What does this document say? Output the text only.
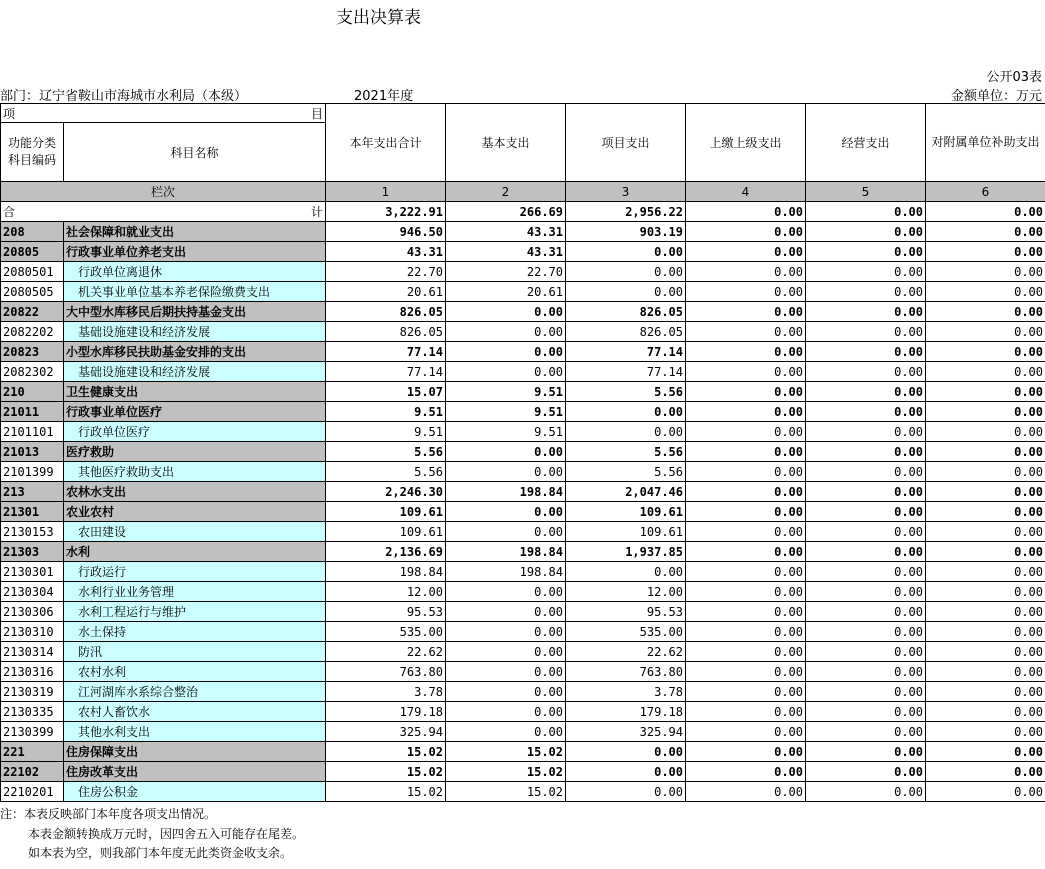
支出决算表
公开03表
部门：辽宁省鞍山市海城市水利局（本级）	2021年度	金额单位：万元
项 目		本年支出合计	基本支出	项目支出	上缴上级支出	经营支出	对附属单位补助支出
功能分类科目编码	科目名称						
栏次		1	2	3	4	5	6

合 计		3,222.91	266.69	2,956.22	0.00	0.00	0.00
208	社会保障和就业支出	946.50	43.31	903.19	0.00	0.00	0.00
20805	行政事业单位养老支出	43.31	43.31	0.00	0.00	0.00	0.00
2080501	行政单位离退休	22.70	22.70	0.00	0.00	0.00	0.00
2080505	机关事业单位基本养老保险缴费支出	20.61	20.61	0.00	0.00	0.00	0.00
20822	大中型水库移民后期扶持基金支出	826.05	0.00	826.05	0.00	0.00	0.00
2082202	基础设施建设和经济发展	826.05	0.00	826.05	0.00	0.00	0.00
20823	小型水库移民扶助基金安排的支出	77.14	0.00	77.14	0.00	0.00	0.00
2082302	基础设施建设和经济发展	77.14	0.00	77.14	0.00	0.00	0.00
210	卫生健康支出	15.07	9.51	5.56	0.00	0.00	0.00
21011	行政事业单位医疗	9.51	9.51	0.00	0.00	0.00	0.00
2101101	行政单位医疗	9.51	9.51	0.00	0.00	0.00	0.00
21013	医疗救助	5.56	0.00	5.56	0.00	0.00	0.00
2101399	其他医疗救助支出	5.56	0.00	5.56	0.00	0.00	0.00
213	农林水支出	2,246.30	198.84	2,047.46	0.00	0.00	0.00
21301	农业农村	109.61	0.00	109.61	0.00	0.00	0.00
2130153	农田建设	109.61	0.00	109.61	0.00	0.00	0.00
21303	水利	2,136.69	198.84	1,937.85	0.00	0.00	0.00
2130301	行政运行	198.84	198.84	0.00	0.00	0.00	0.00
2130304	水利行业业务管理	12.00	0.00	12.00	0.00	0.00	0.00
2130306	水利工程运行与维护	95.53	0.00	95.53	0.00	0.00	0.00
2130310	水土保持	535.00	0.00	535.00	0.00	0.00	0.00
2130314	防汛	22.62	0.00	22.62	0.00	0.00	0.00
2130316	农村水利	763.80	0.00	763.80	0.00	0.00	0.00
2130319	江河湖库水系综合整治	3.78	0.00	3.78	0.00	0.00	0.00
2130335	农村人畜饮水	179.18	0.00	179.18	0.00	0.00	0.00
2130399	其他水利支出	325.94	0.00	325.94	0.00	0.00	0.00
221	住房保障支出	15.02	15.02	0.00	0.00	0.00	0.00
22102	住房改革支出	15.02	15.02	0.00	0.00	0.00	0.00
2210201	住房公积金	15.02	15.02	0.00	0.00	0.00	0.00
注：本表反映部门本年度各项支出情况。
本表金额转换成万元时，因四舍五入可能存在尾差。
如本表为空，则我部门本年度无此类资金收支余。
